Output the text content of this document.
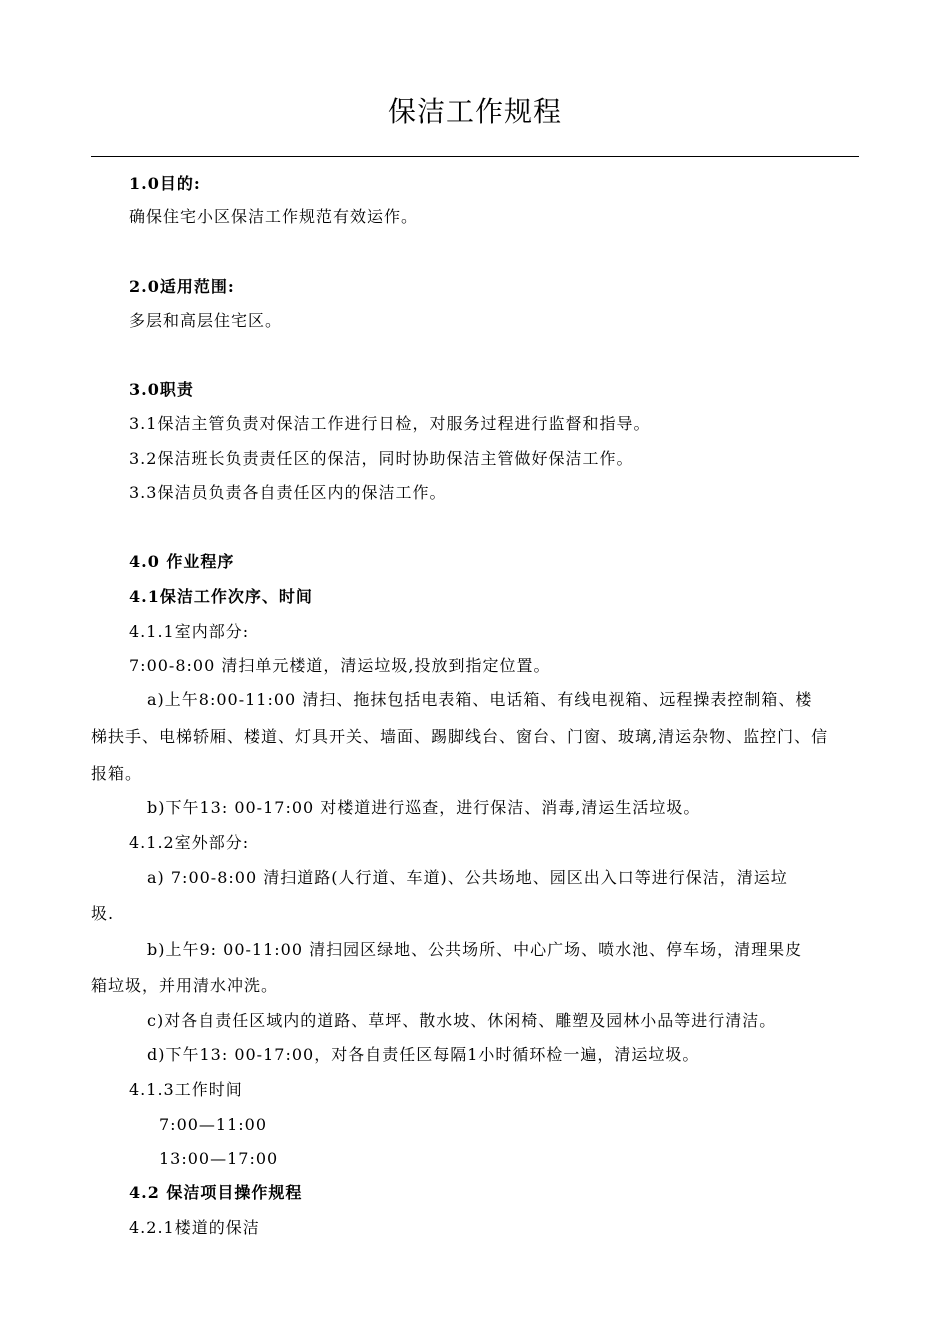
保洁工作规程
1.0目的:
确保住宅小区保洁工作规范有效运作。
2.0适用范围:
多层和高层住宅区。
3.0职责
3.1保洁主管负责对保洁工作进行日检，对服务过程进行监督和指导。
3.2保洁班长负责责任区的保洁，同时协助保洁主管做好保洁工作。
3.3保洁员负责各自责任区内的保洁工作。
4.0 作业程序
4.1保洁工作次序、时间
4.1.1室内部分:
7:00-8:00 清扫单元楼道，清运垃圾,投放到指定位置。
a)上午8:00-11:00 清扫、拖抹包括电表箱、电话箱、有线电视箱、远程操表控制箱、楼
梯扶手、电梯轿厢、楼道、灯具开关、墙面、踢脚线台、窗台、门窗、玻璃,清运杂物、监控门、信
报箱。
b)下午13: 00-17:00 对楼道进行巡查，进行保洁、消毒,清运生活垃圾。
4.1.2室外部分:
a) 7:00-8:00 清扫道路(人行道、车道)、公共场地、园区出入口等进行保洁，清运垃
圾.
b)上午9: 00-11:00 清扫园区绿地、公共场所、中心广场、喷水池、停车场，清理果皮
箱垃圾，并用清水冲洗。
c)对各自责任区域内的道路、草坪、散水坡、休闲椅、雕塑及园林小品等进行清洁。
d)下午13: 00-17:00，对各自责任区每隔1小时循环检一遍，清运垃圾。
4.1.3工作时间
7:00—11:00
13:00—17:00
4.2 保洁项目操作规程
4.2.1楼道的保洁
